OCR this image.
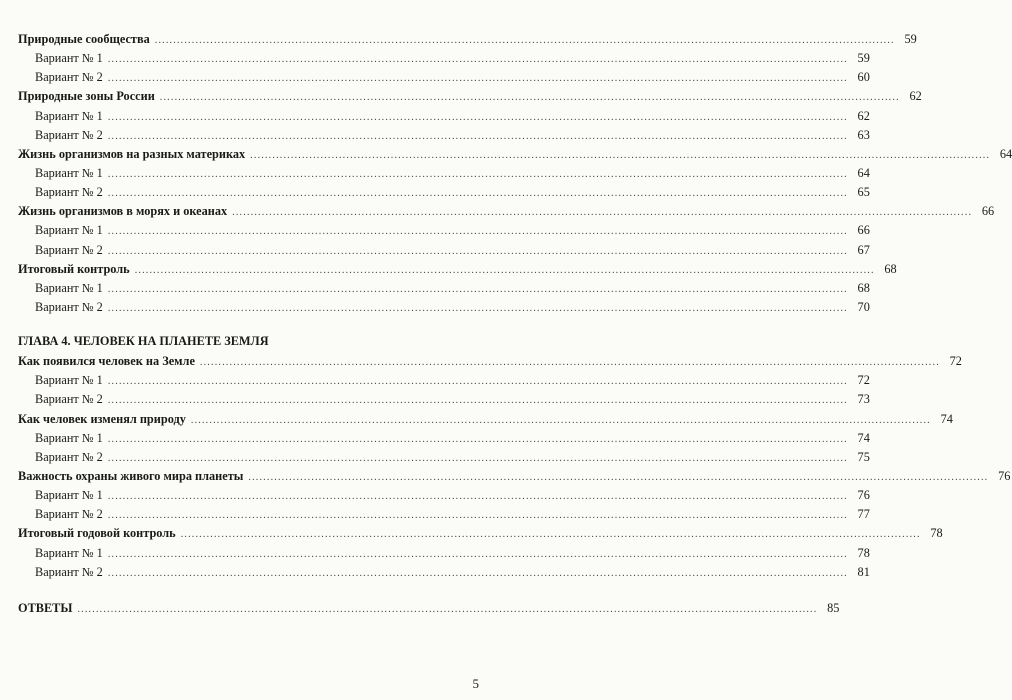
Природные сообщества ........................................................................................................................................................................................................ 59
Вариант № 1 ........................................................................................................................................................................................................ 59
Вариант № 2 ........................................................................................................................................................................................................ 60
Природные зоны России ........................................................................................................................................................................................................ 62
Вариант № 1 ........................................................................................................................................................................................................ 62
Вариант № 2 ........................................................................................................................................................................................................ 63
Жизнь организмов на разных материках ........................................................................................................................................................................................................ 64
Вариант № 1 ........................................................................................................................................................................................................ 64
Вариант № 2 ........................................................................................................................................................................................................ 65
Жизнь организмов в морях и океанах ........................................................................................................................................................................................................ 66
Вариант № 1 ........................................................................................................................................................................................................ 66
Вариант № 2 ........................................................................................................................................................................................................ 67
Итоговый контроль ........................................................................................................................................................................................................ 68
Вариант № 1 ........................................................................................................................................................................................................ 68
Вариант № 2 ........................................................................................................................................................................................................ 70
ГЛАВА 4. ЧЕЛОВЕК НА ПЛАНЕТЕ ЗЕМЛЯ
Как появился человек на Земле ........................................................................................................................................................................................................ 72
Вариант № 1 ........................................................................................................................................................................................................ 72
Вариант № 2 ........................................................................................................................................................................................................ 73
Как человек изменял природу ........................................................................................................................................................................................................ 74
Вариант № 1 ........................................................................................................................................................................................................ 74
Вариант № 2 ........................................................................................................................................................................................................ 75
Важность охраны живого мира планеты ........................................................................................................................................................................................................ 76
Вариант № 1 ........................................................................................................................................................................................................ 76
Вариант № 2 ........................................................................................................................................................................................................ 77
Итоговый годовой контроль ........................................................................................................................................................................................................ 78
Вариант № 1 ........................................................................................................................................................................................................ 78
Вариант № 2 ........................................................................................................................................................................................................ 81
ОТВЕТЫ ........................................................................................................................................................................................................ 85
5
